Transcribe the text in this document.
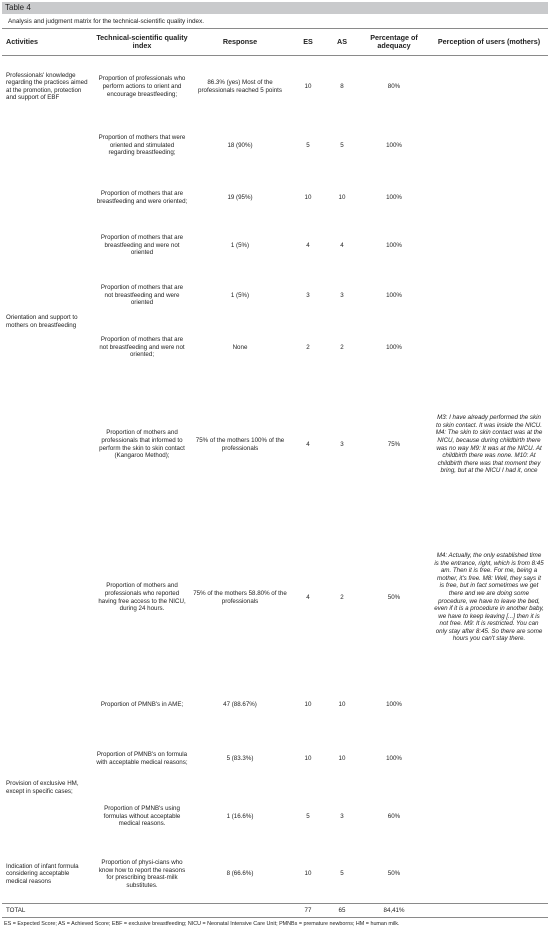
Table 4
Analysis and judgment matrix for the technical-scientific quality index.
Activities	Technical-scientific quality index	Response	ES	AS	Percentage of adequacy	Perception of users (mothers)
Professionals' knowledge regarding the practices aimed at the promotion, protection and support of EBF	Proportion of professionals who perform actions to orient and encourage breastfeeding;	86.3% (yes) Most of the professionals reached 5 points	10	8	80%	
	Proportion of mothers that were oriented and stimulated regarding breastfeeding;	18 (90%)	5	5	100%	
	Proportion of mothers that are breastfeeding and were oriented;	19 (95%)	10	10	100%	
	Proportion of mothers that are breastfeeding and were not oriented	1 (5%)	4	4	100%	
Orientation and support to mothers on breastfeeding	Proportion of mothers that are not breastfeeding and were oriented	1 (5%)	3	3	100%	
	Proportion of mothers that are not breastfeeding and were not oriented;	None	2	2	100%	
	Proportion of mothers and professionals that informed to perform the skin to skin contact (Kangaroo Method);	75% of the mothers 100% of the professionals	4	3	75%	M3: I have already performed the skin to skin contact. It was inside the NICU. M4: The skin to skin contact was at the NICU, because during childbirth there was no way M9: It was at the NICU. At childbirth there was none. M10: At childbirth there was that moment they bring, but at the NICU I had it, once
	Proportion of mothers and professionals who reported having free access to the NICU, during 24 hours.	75% of the mothers 58.80% of the professionals	4	2	50%	M4: Actually, the only established time is the entrance, right, which is from 8:45 am. Then it is free. For me, being a mother, it's free. M8: Well, they says it is free, but in fact sometimes we get there and we are doing some procedure, we have to leave the bed, even if it is a procedure in another baby, we have to keep leaving [...] then it is not free. M9: It is restricted. You can only stay after 8:45. So there are some hours you can't stay there.
	Proportion of PMNB's in AME;	47 (88.67%)	10	10	100%	
Provision of exclusive HM, except in specific cases;	Proportion of PMNB's on formula with acceptable medical reasons;	5 (83.3%)	10	10	100%	
	Proportion of PMNB's using formulas without acceptable medical reasons.	1 (16.6%)	5	3	60%	
Indication of infant formula considering acceptable medical reasons	Proportion of physi-cians who know how to report the reasons for prescribing breast-milk substitutes.	8 (66.6%)	10	5	50%	
TOTAL			77	65	84,41%	
ES = Expected Score; AS = Achieved Score; EBF = exclusive breastfeeding; NICU = Neonatal Intensive Care Unit; PMNBs = premature newborns; HM = human milk.
